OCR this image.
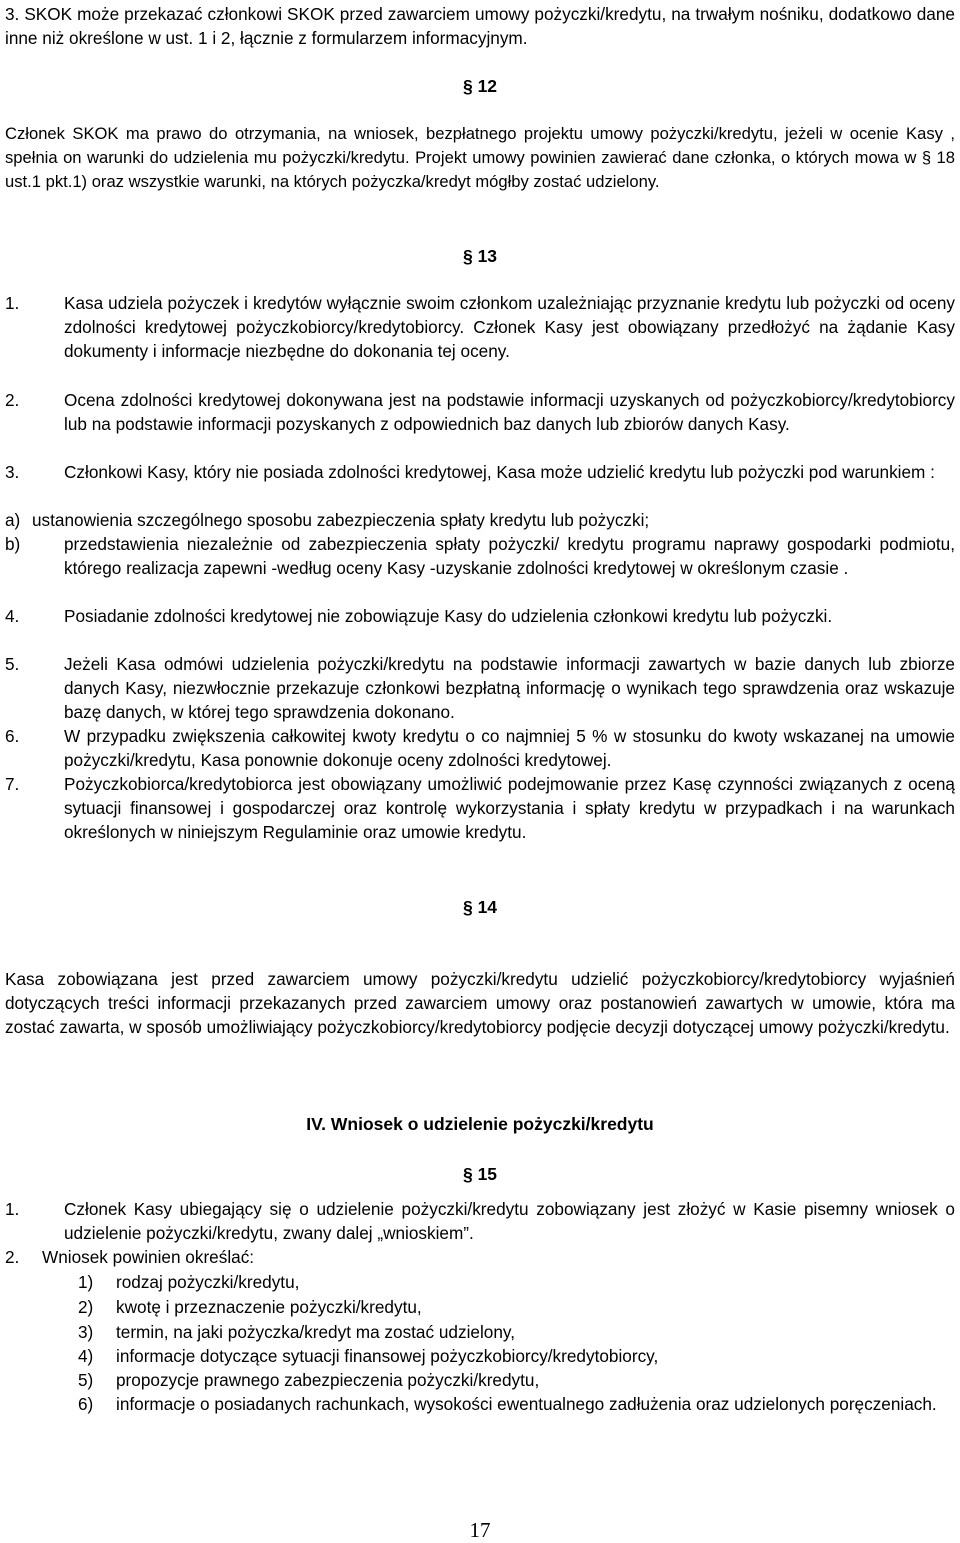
3. SKOK może przekazać członkowi SKOK przed zawarciem umowy pożyczki/kredytu, na trwałym nośniku, dodatkowo dane inne niż określone w ust. 1 i 2, łącznie z formularzem informacyjnym.

§ 12

Członek SKOK ma prawo do otrzymania, na wniosek, bezpłatnego projektu umowy pożyczki/kredytu, jeżeli w ocenie Kasy , spełnia on warunki do udzielenia mu pożyczki/kredytu. Projekt umowy powinien zawierać dane członka, o których mowa w § 18 ust.1 pkt.1) oraz wszystkie warunki, na których pożyczka/kredyt mógłby zostać udzielony.

§ 13
1.	Kasa udziela pożyczek i kredytów wyłącznie swoim członkom uzależniając przyznanie kredytu lub pożyczki od oceny zdolności kredytowej pożyczkobiorcy/kredytobiorcy. Członek Kasy jest obowiązany przedłożyć na żądanie Kasy dokumenty i informacje niezbędne do dokonania tej oceny.
2.	Ocena zdolności kredytowej dokonywana jest na podstawie informacji uzyskanych od pożyczkobiorcy/kredytobiorcy lub na podstawie informacji pozyskanych z odpowiednich baz danych lub zbiorów danych Kasy.
3.	Członkowi Kasy, który nie posiada zdolności kredytowej, Kasa może udzielić kredytu lub pożyczki pod warunkiem :
a) ustanowienia szczególnego sposobu zabezpieczenia spłaty kredytu lub pożyczki;
b)	przedstawienia niezależnie od zabezpieczenia spłaty pożyczki/ kredytu programu naprawy gospodarki podmiotu, którego realizacja zapewni -według oceny Kasy -uzyskanie zdolności kredytowej w określonym czasie .
4.	Posiadanie zdolności kredytowej nie zobowiązuje Kasy do udzielenia członkowi kredytu lub pożyczki.
5.	Jeżeli Kasa odmówi udzielenia pożyczki/kredytu na podstawie informacji zawartych w bazie danych lub zbiorze danych Kasy, niezwłocznie przekazuje członkowi bezpłatną informację o wynikach tego sprawdzenia oraz wskazuje bazę danych, w której tego sprawdzenia dokonano.
6.	W przypadku zwiększenia całkowitej kwoty kredytu o co najmniej 5 % w stosunku do kwoty wskazanej na umowie pożyczki/kredytu, Kasa ponownie dokonuje oceny zdolności kredytowej.
7.	Pożyczkobiorca/kredytobiorca jest obowiązany umożliwić podejmowanie przez Kasę czynności związanych z oceną sytuacji finansowej i gospodarczej oraz kontrolę wykorzystania i spłaty kredytu w przypadkach i na warunkach określonych w niniejszym Regulaminie oraz umowie kredytu.
§ 14

Kasa zobowiązana jest przed zawarciem umowy pożyczki/kredytu udzielić pożyczkobiorcy/kredytobiorcy wyjaśnień dotyczących treści informacji przekazanych przed zawarciem umowy oraz postanowień zawartych w umowie, która ma zostać zawarta, w sposób umożliwiający pożyczkobiorcy/kredytobiorcy podjęcie decyzji dotyczącej umowy pożyczki/kredytu.

IV. Wniosek o udzielenie pożyczki/kredytu
§ 15
1.	Członek Kasy ubiegający się o udzielenie pożyczki/kredytu zobowiązany jest złożyć w Kasie pisemny wniosek o udzielenie pożyczki/kredytu, zwany dalej „wnioskiem”.
2.	Wniosek powinien określać:
1)	rodzaj pożyczki/kredytu,
2)	kwotę i przeznaczenie pożyczki/kredytu,
3)	termin, na jaki pożyczka/kredyt ma zostać udzielony,
4)	informacje dotyczące sytuacji finansowej pożyczkobiorcy/kredytobiorcy,
5)	propozycje prawnego zabezpieczenia pożyczki/kredytu,
6)	informacje o posiadanych rachunkach, wysokości ewentualnego zadłużenia oraz udzielonych poręczeniach.
17
